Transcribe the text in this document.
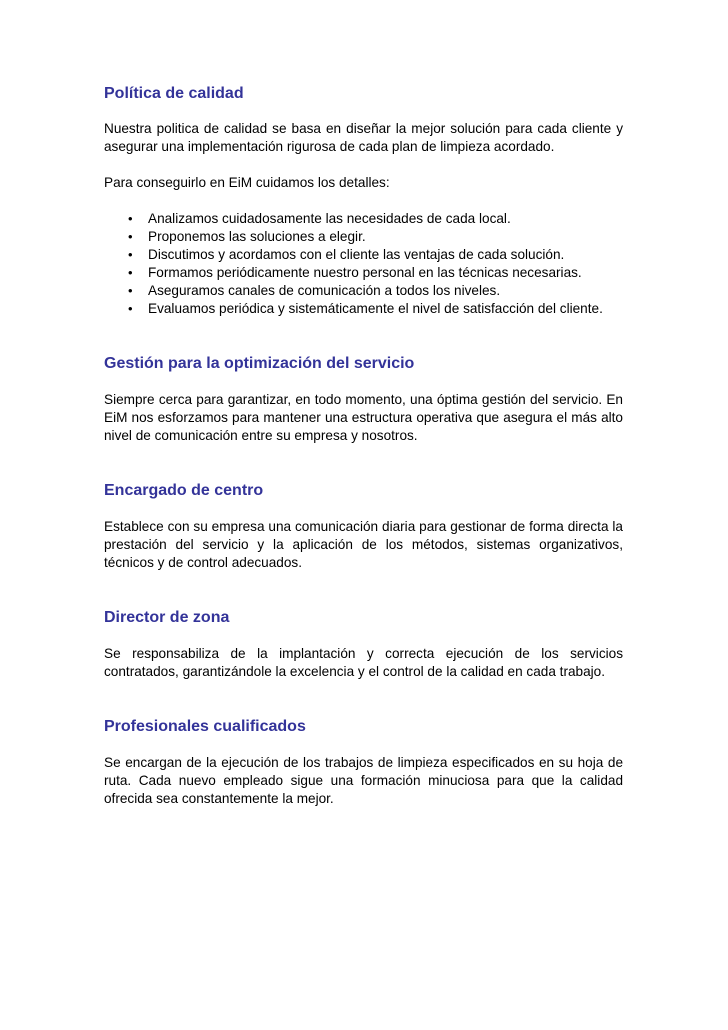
Política de calidad

Nuestra politica de calidad se basa en diseñar la mejor solución para cada cliente y asegurar una implementación rigurosa de cada plan de limpieza acordado.

Para conseguirlo en EiM cuidamos los detalles:

• Analizamos cuidadosamente las necesidades de cada local.
• Proponemos las soluciones a elegir.
• Discutimos y acordamos con el cliente las ventajas de cada solución.
• Formamos periódicamente nuestro personal en las técnicas necesarias.
• Aseguramos canales de comunicación a todos los niveles.
• Evaluamos periódica y sistemáticamente el nivel de satisfacción del cliente.
Gestión para la optimización del servicio

Siempre cerca para garantizar, en todo momento, una óptima gestión del servicio. En EiM nos esforzamos para mantener una estructura operativa que asegura el más alto nivel de comunicación entre su empresa y nosotros.

Encargado de centro

Establece con su empresa una comunicación diaria para gestionar de forma directa la prestación del servicio y la aplicación de los métodos, sistemas organizativos, técnicos y de control adecuados.

Director de zona

Se responsabiliza de la implantación y correcta ejecución de los servicios contratados, garantizándole la excelencia y el control de la calidad en cada trabajo.

Profesionales cualificados

Se encargan de la ejecución de los trabajos de limpieza especificados en su hoja de ruta. Cada nuevo empleado sigue una formación minuciosa para que la calidad ofrecida sea constantemente la mejor.
